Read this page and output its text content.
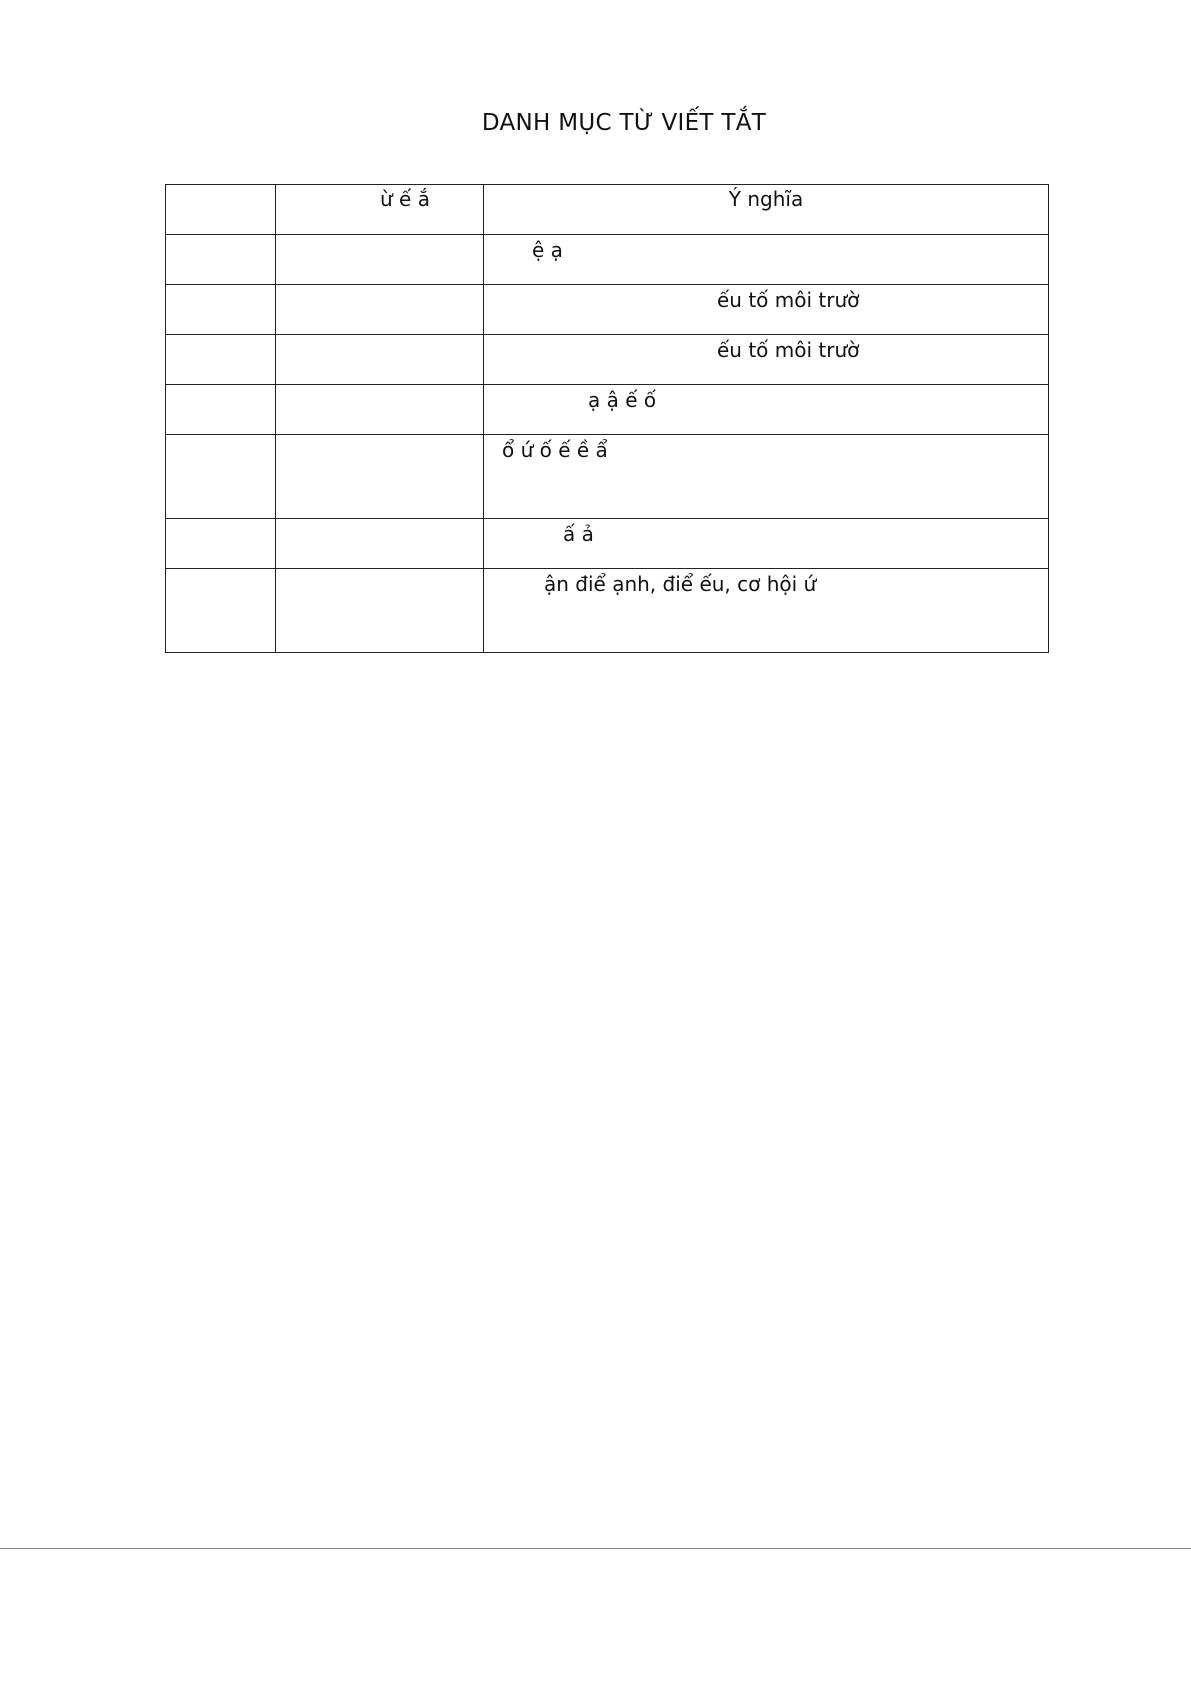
DANH MỤC TỪ VIẾT TẮT
	ừ ế ắ	Ý nghĩa

		ệ ạ

		ếu tố môi trườ

		ếu tố môi trườ

		ạ ậ ế ố

		ổ ứ ố ế ề ẩ

		ấ ả

		ận điể ạnh, điể ếu, cơ hội ứ
